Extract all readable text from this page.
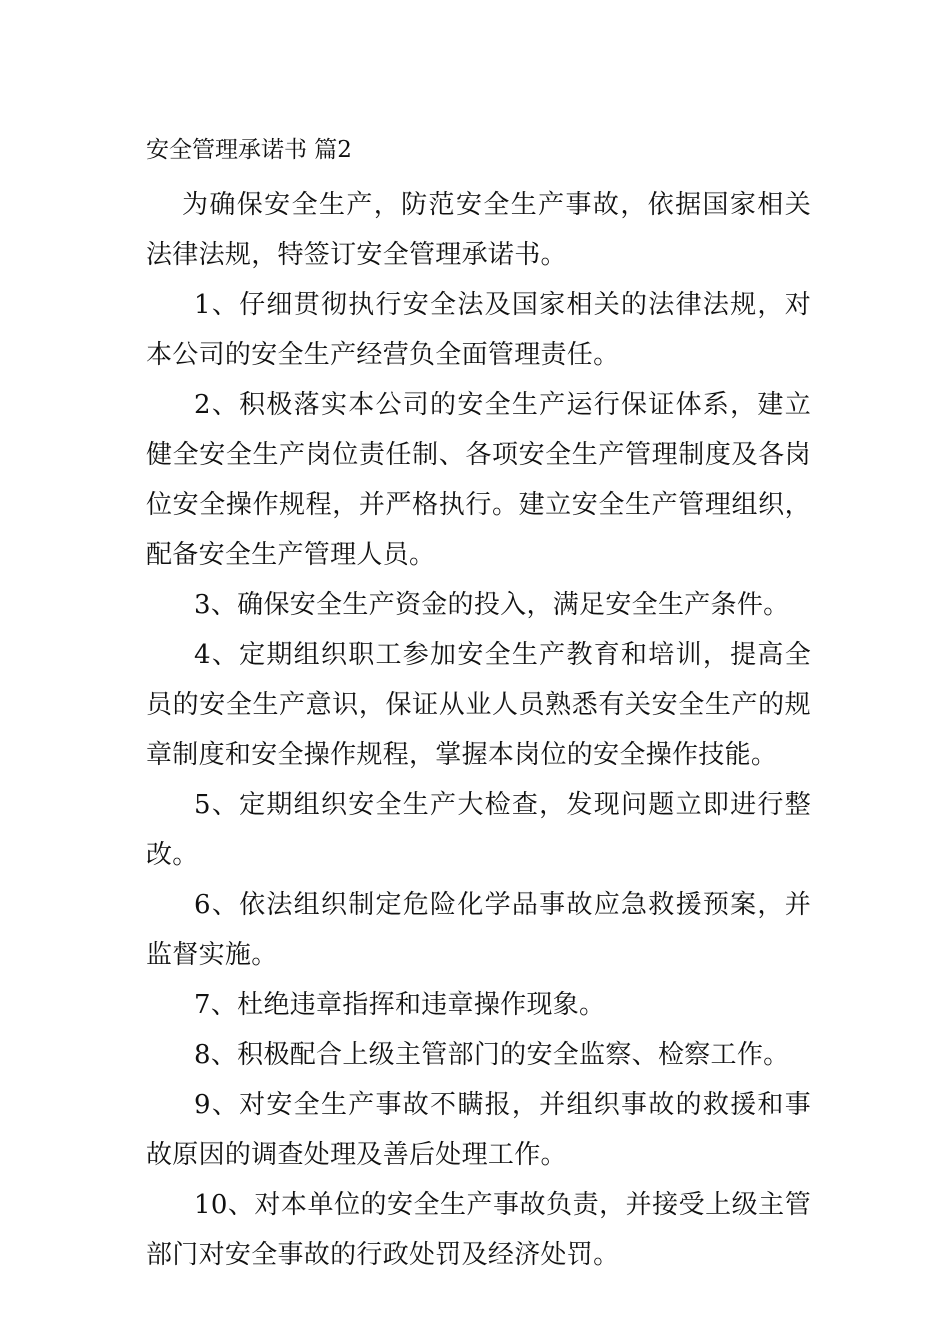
安全管理承诺书 篇2

为确保安全生产，防范安全生产事故，依据国家相关法律法规，特签订安全管理承诺书。

1、仔细贯彻执行安全法及国家相关的法律法规，对本公司的安全生产经营负全面管理责任。

2、积极落实本公司的安全生产运行保证体系，建立健全安全生产岗位责任制、各项安全生产管理制度及各岗位安全操作规程，并严格执行。建立安全生产管理组织，配备安全生产管理人员。

3、确保安全生产资金的投入，满足安全生产条件。

4、定期组织职工参加安全生产教育和培训，提高全员的安全生产意识，保证从业人员熟悉有关安全生产的规章制度和安全操作规程，掌握本岗位的安全操作技能。

5、定期组织安全生产大检查，发现问题立即进行整改。

6、依法组织制定危险化学品事故应急救援预案，并监督实施。

7、杜绝违章指挥和违章操作现象。

8、积极配合上级主管部门的安全监察、检察工作。

9、对安全生产事故不瞒报，并组织事故的救援和事故原因的调查处理及善后处理工作。

10、对本单位的安全生产事故负责，并接受上级主管部门对安全事故的行政处罚及经济处罚。
